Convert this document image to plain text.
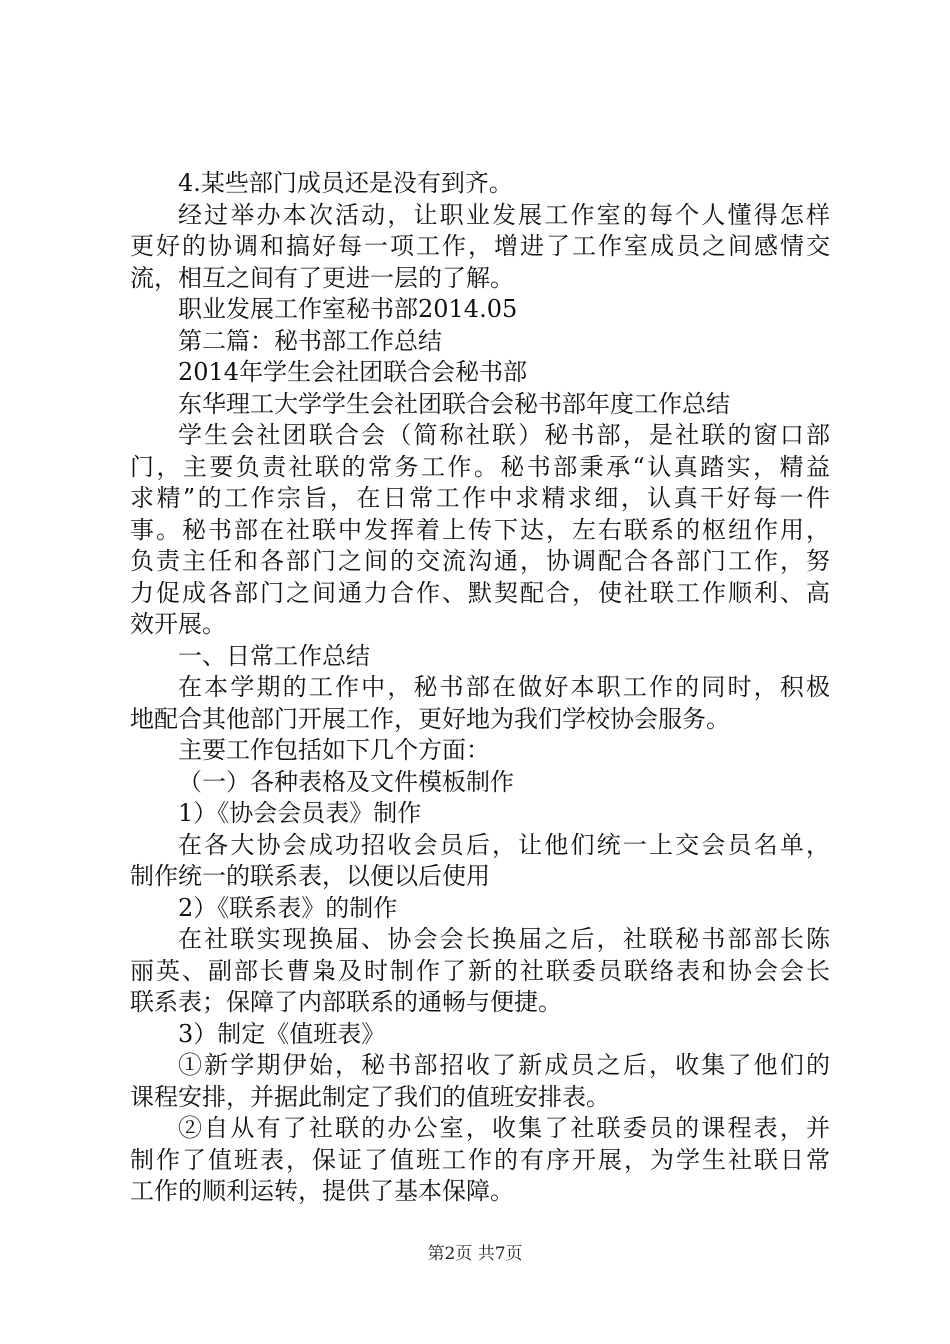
4.某些部门成员还是没有到齐。
经过举办本次活动，让职业发展工作室的每个人懂得怎样
更好的协调和搞好每一项工作，增进了工作室成员之间感情交
流，相互之间有了更进一层的了解。
职业发展工作室秘书部2014.05
第二篇：秘书部工作总结
2014年学生会社团联合会秘书部
东华理工大学学生会社团联合会秘书部年度工作总结
学生会社团联合会（简称社联）秘书部，是社联的窗口部
门，主要负责社联的常务工作。秘书部秉承“认真踏实，精益
求精”的工作宗旨，在日常工作中求精求细，认真干好每一件
事。秘书部在社联中发挥着上传下达，左右联系的枢纽作用，
负责主任和各部门之间的交流沟通，协调配合各部门工作，努
力促成各部门之间通力合作、默契配合，使社联工作顺利、高
效开展。
一、日常工作总结
在本学期的工作中，秘书部在做好本职工作的同时，积极
地配合其他部门开展工作，更好地为我们学校协会服务。
主要工作包括如下几个方面：
（一）各种表格及文件模板制作
1）《协会会员表》制作
在各大协会成功招收会员后，让他们统一上交会员名单，
制作统一的联系表，以便以后使用
2）《联系表》的制作
在社联实现换届、协会会长换届之后，社联秘书部部长陈
丽英、副部长曹枭及时制作了新的社联委员联络表和协会会长
联系表；保障了内部联系的通畅与便捷。
3）制定《值班表》
①新学期伊始，秘书部招收了新成员之后，收集了他们的
课程安排，并据此制定了我们的值班安排表。
②自从有了社联的办公室，收集了社联委员的课程表，并
制作了值班表，保证了值班工作的有序开展，为学生社联日常
工作的顺利运转，提供了基本保障。
第2页 共7页
